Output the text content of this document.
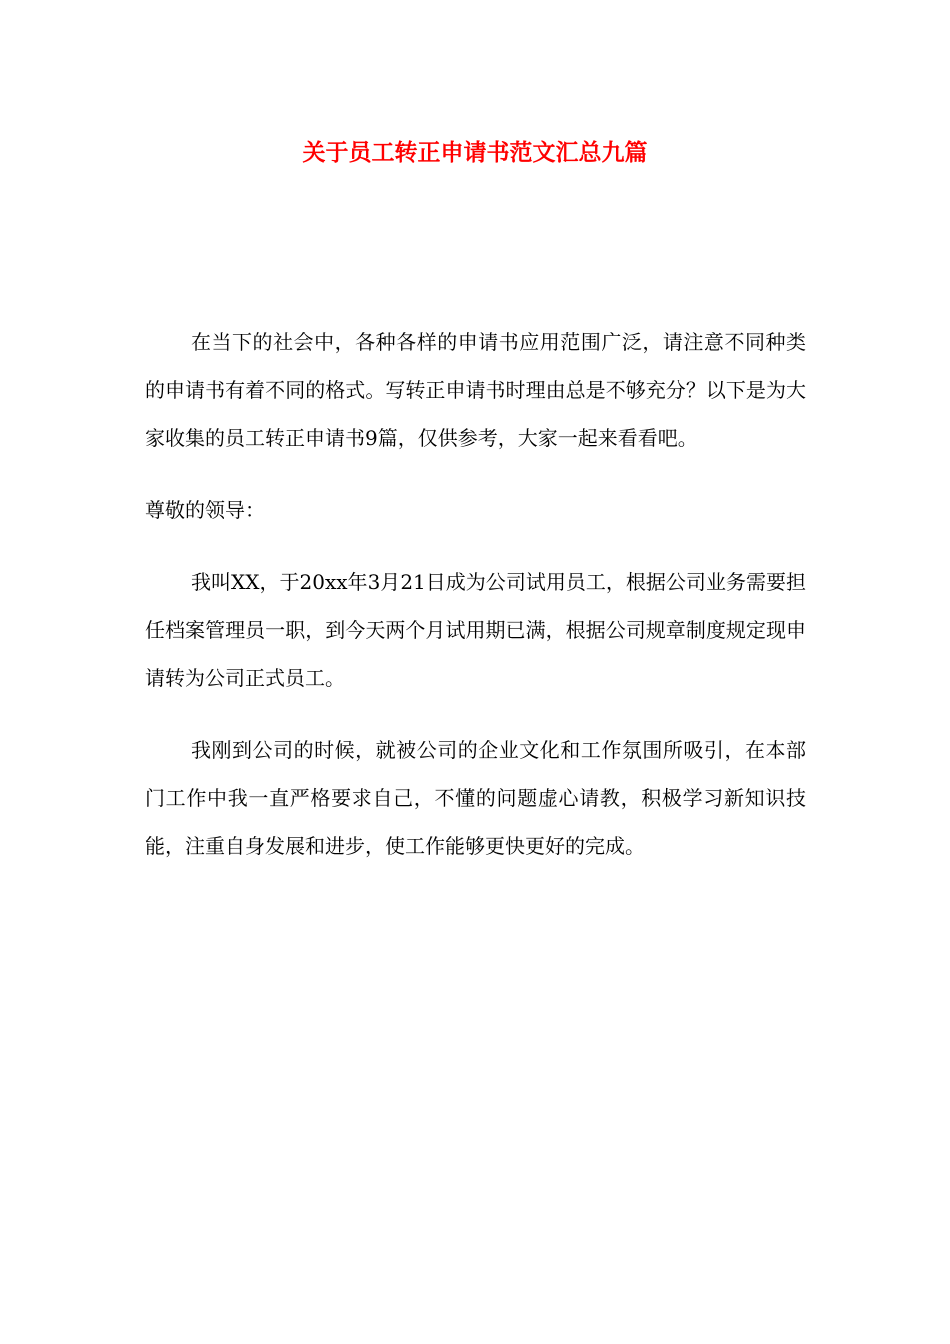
关于员工转正申请书范文汇总九篇

在当下的社会中，各种各样的申请书应用范围广泛，请注意不同种类的申请书有着不同的格式。写转正申请书时理由总是不够充分？以下是为大家收集的员工转正申请书9篇，仅供参考，大家一起来看看吧。

尊敬的领导：

我叫XX，于20xx年3月21日成为公司试用员工，根据公司业务需要担任档案管理员一职，到今天两个月试用期已满，根据公司规章制度规定现申请转为公司正式员工。

我刚到公司的时候，就被公司的企业文化和工作氛围所吸引，在本部门工作中我一直严格要求自己，不懂的问题虚心请教，积极学习新知识技能，注重自身发展和进步，使工作能够更快更好的完成。
